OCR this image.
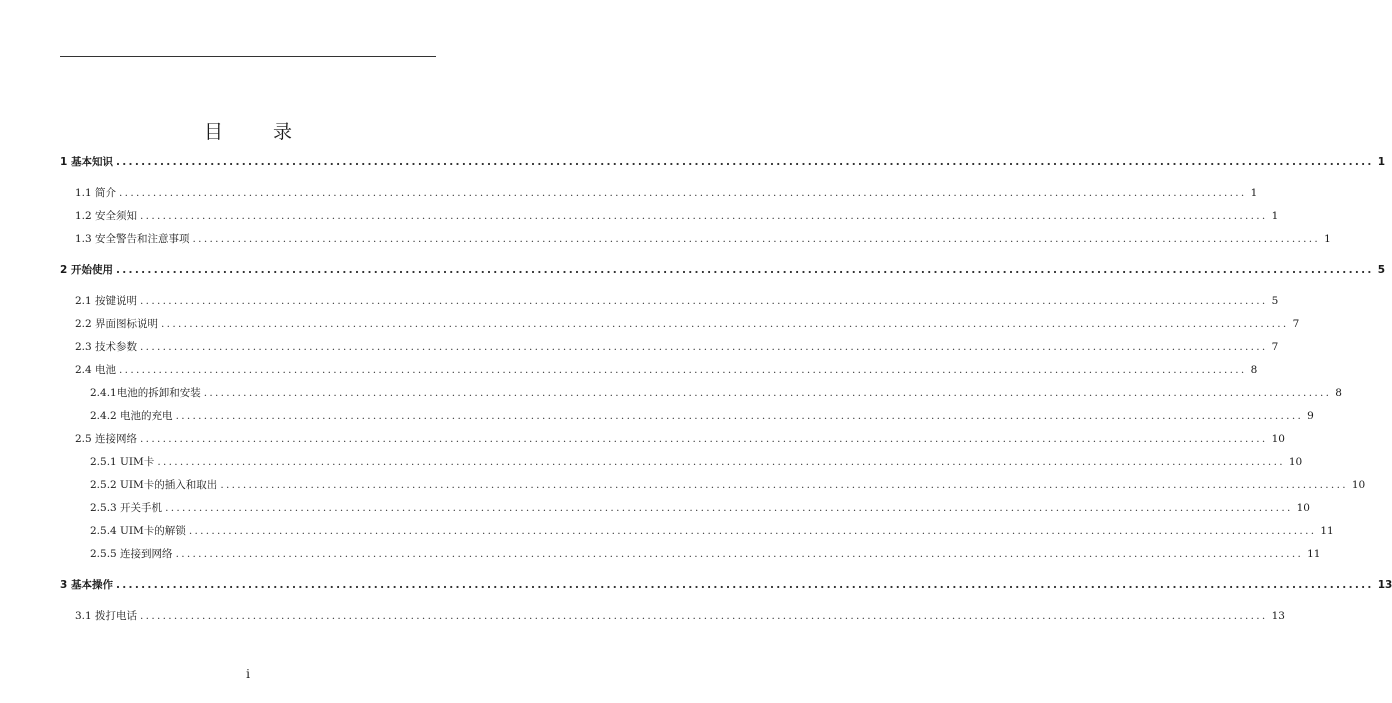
目 录
1 基本知识 ........................................................................................................................................................................................................ 1
1.1 简介 ........................................................................................................................................................................................................ 1
1.2 安全须知 ........................................................................................................................................................................................................ 1
1.3 安全警告和注意事项 ........................................................................................................................................................................................................ 1
2 开始使用 ........................................................................................................................................................................................................ 5
2.1 按键说明 ........................................................................................................................................................................................................ 5
2.2 界面图标说明 ........................................................................................................................................................................................................ 7
2.3 技术参数 ........................................................................................................................................................................................................ 7
2.4 电池 ........................................................................................................................................................................................................ 8
2.4.1电池的拆卸和安装 ........................................................................................................................................................................................................ 8
2.4.2 电池的充电 ........................................................................................................................................................................................................ 9
2.5 连接网络 ........................................................................................................................................................................................................ 10
2.5.1 UIM卡 ........................................................................................................................................................................................................ 10
2.5.2 UIM卡的插入和取出 ........................................................................................................................................................................................................ 10
2.5.3 开关手机 ........................................................................................................................................................................................................ 10
2.5.4 UIM卡的解锁 ........................................................................................................................................................................................................ 11
2.5.5 连接到网络 ........................................................................................................................................................................................................ 11
3 基本操作 ........................................................................................................................................................................................................ 13
3.1 拨打电话 ........................................................................................................................................................................................................ 13
i
